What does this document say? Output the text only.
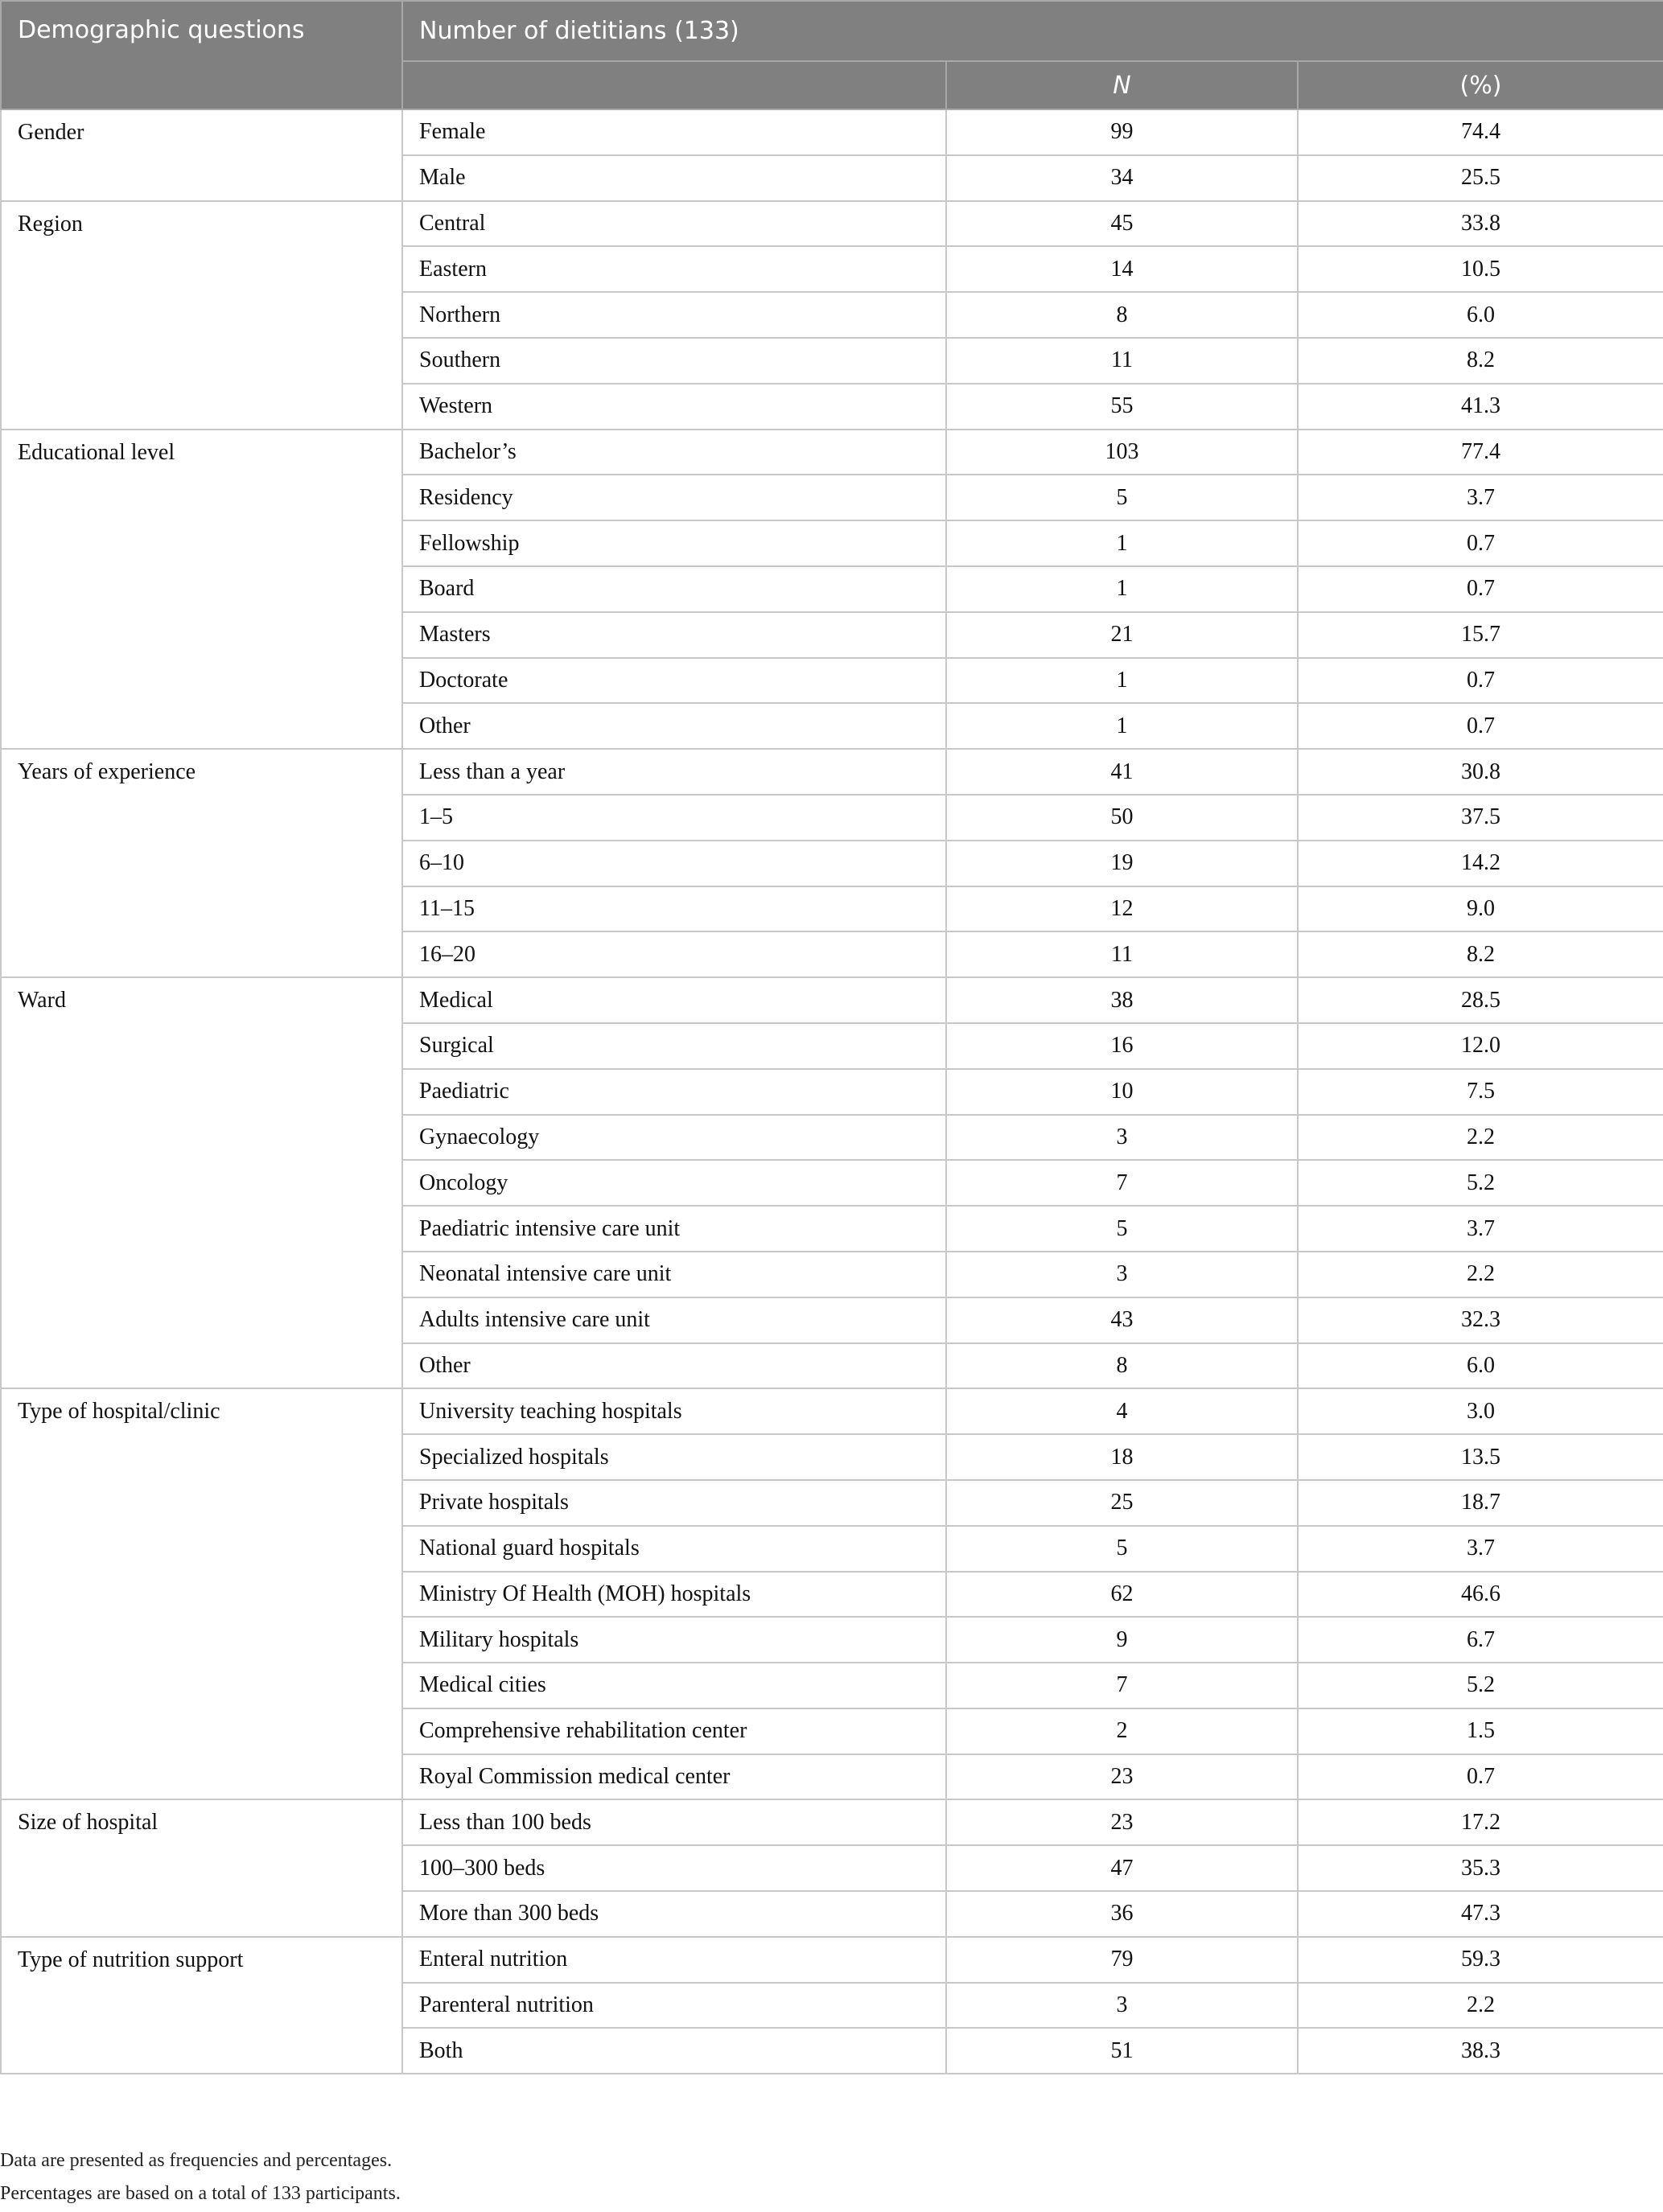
Demographic questions	Number of dietitians (133)		
		N	(%)
Gender	Female	99	74.4
	Male	34	25.5
Region	Central	45	33.8
	Eastern	14	10.5
	Northern	8	6.0
	Southern	11	8.2
	Western	55	41.3
Educational level	Bachelor’s	103	77.4
	Residency	5	3.7
	Fellowship	1	0.7
	Board	1	0.7
	Masters	21	15.7
	Doctorate	1	0.7
	Other	1	0.7
Years of experience	Less than a year	41	30.8
	1–5	50	37.5
	6–10	19	14.2
	11–15	12	9.0
	16–20	11	8.2
Ward	Medical	38	28.5
	Surgical	16	12.0
	Paediatric	10	7.5
	Gynaecology	3	2.2
	Oncology	7	5.2
	Paediatric intensive care unit	5	3.7
	Neonatal intensive care unit	3	2.2
	Adults intensive care unit	43	32.3
	Other	8	6.0
Type of hospital/clinic	University teaching hospitals	4	3.0
	Specialized hospitals	18	13.5
	Private hospitals	25	18.7
	National guard hospitals	5	3.7
	Ministry Of Health (MOH) hospitals	62	46.6
	Military hospitals	9	6.7
	Medical cities	7	5.2
	Comprehensive rehabilitation center	2	1.5
	Royal Commission medical center	23	0.7
Size of hospital	Less than 100 beds	23	17.2
	100–300 beds	47	35.3
	More than 300 beds	36	47.3
Type of nutrition support	Enteral nutrition	79	59.3
	Parenteral nutrition	3	2.2
	Both	51	38.3
Data are presented as frequencies and percentages.
Percentages are based on a total of 133 participants.
